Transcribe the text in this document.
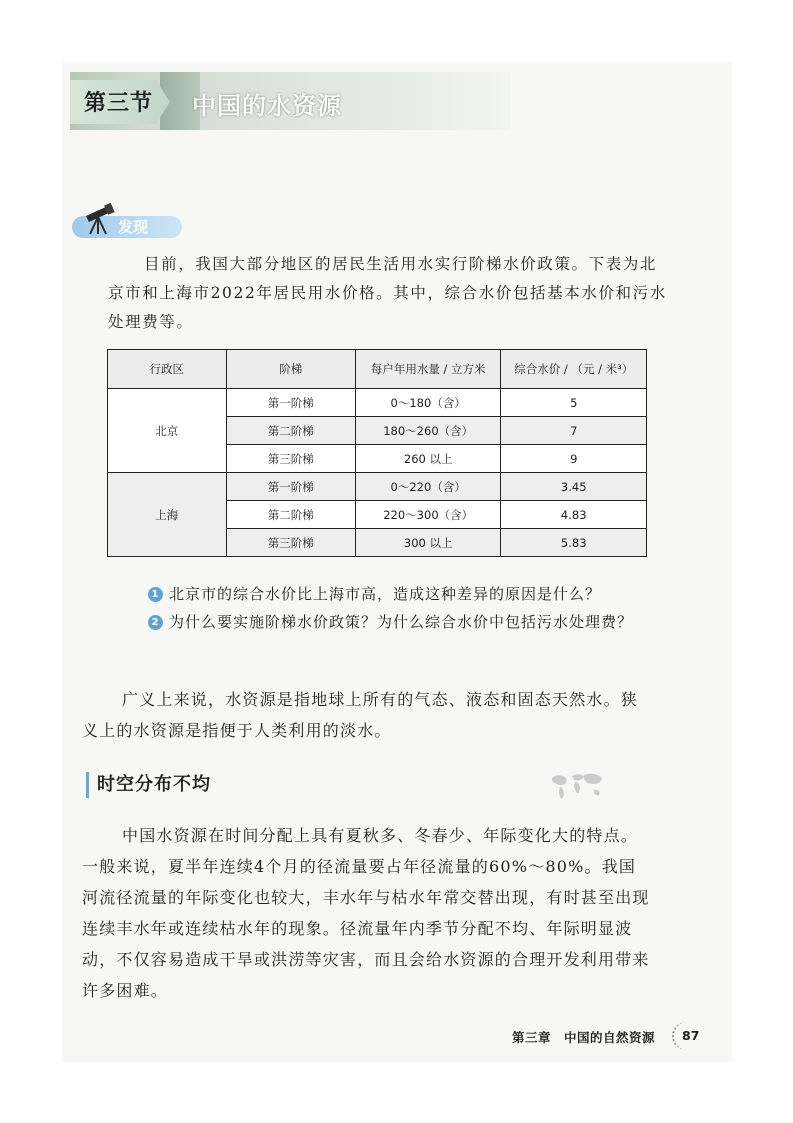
第三节 中国的水资源
发现
目前，我国大部分地区的居民生活用水实行阶梯水价政策。下表为北京市和上海市2022年居民用水价格。其中，综合水价包括基本水价和污水处理费等。
行政区	阶梯	每户年用水量 / 立方米	综合水价 / （元 / 米³）
北京	第一阶梯	0～180（含）	5
	第二阶梯	180～260（含）	7
	第三阶梯	260 以上	9
上海	第一阶梯	0～220（含）	3.45
	第二阶梯	220～300（含）	4.83
	第三阶梯	300 以上	5.83
1 北京市的综合水价比上海市高，造成这种差异的原因是什么？
2 为什么要实施阶梯水价政策？为什么综合水价中包括污水处理费？
广义上来说，水资源是指地球上所有的气态、液态和固态天然水。狭义上的水资源是指便于人类利用的淡水。
时空分布不均
中国水资源在时间分配上具有夏秋多、冬春少、年际变化大的特点。一般来说，夏半年连续4个月的径流量要占年径流量的60%～80%。我国河流径流量的年际变化也较大，丰水年与枯水年常交替出现，有时甚至出现连续丰水年或连续枯水年的现象。径流量年内季节分配不均、年际明显波动，不仅容易造成干旱或洪涝等灾害，而且会给水资源的合理开发利用带来许多困难。
第三章　中国的自然资源 87
